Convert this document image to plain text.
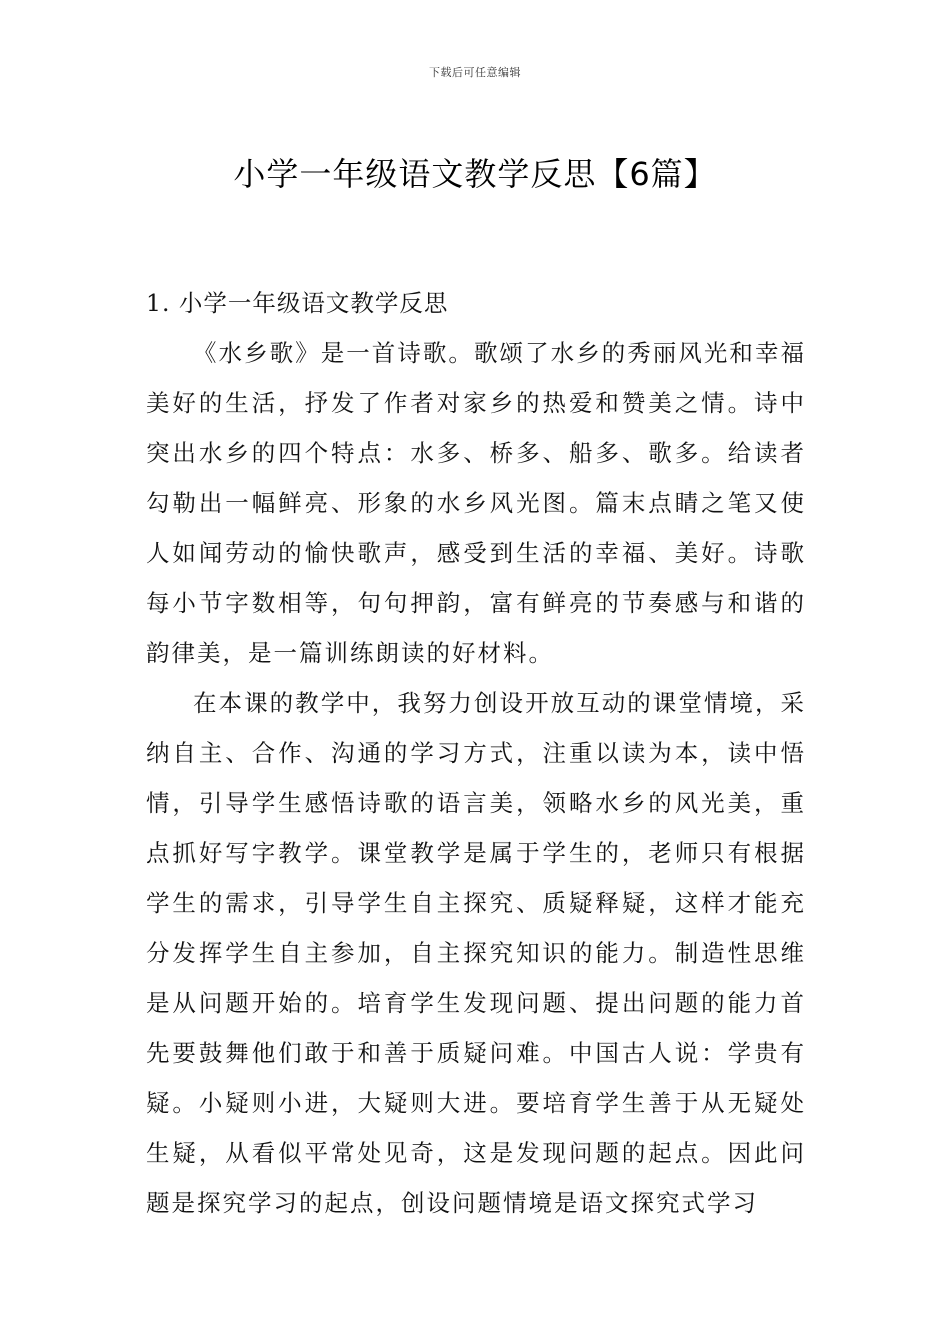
下载后可任意编辑
小学一年级语文教学反思【6篇】
1. 小学一年级语文教学反思

《水乡歌》是一首诗歌。歌颂了水乡的秀丽风光和幸福美好的生活，抒发了作者对家乡的热爱和赞美之情。诗中突出水乡的四个特点：水多、桥多、船多、歌多。给读者勾勒出一幅鲜亮、形象的水乡风光图。篇末点睛之笔又使人如闻劳动的愉快歌声，感受到生活的幸福、美好。诗歌每小节字数相等，句句押韵，富有鲜亮的节奏感与和谐的韵律美，是一篇训练朗读的好材料。

在本课的教学中，我努力创设开放互动的课堂情境，采纳自主、合作、沟通的学习方式，注重以读为本，读中悟情，引导学生感悟诗歌的语言美，领略水乡的风光美，重点抓好写字教学。课堂教学是属于学生的，老师只有根据学生的需求，引导学生自主探究、质疑释疑，这样才能充分发挥学生自主参加，自主探究知识的能力。制造性思维是从问题开始的。培育学生发现问题、提出问题的能力首先要鼓舞他们敢于和善于质疑问难。中国古人说：学贵有疑。小疑则小进，大疑则大进。要培育学生善于从无疑处生疑，从看似平常处见奇，这是发现问题的起点。因此问题是探究学习的起点，创设问题情境是语文探究式学习
